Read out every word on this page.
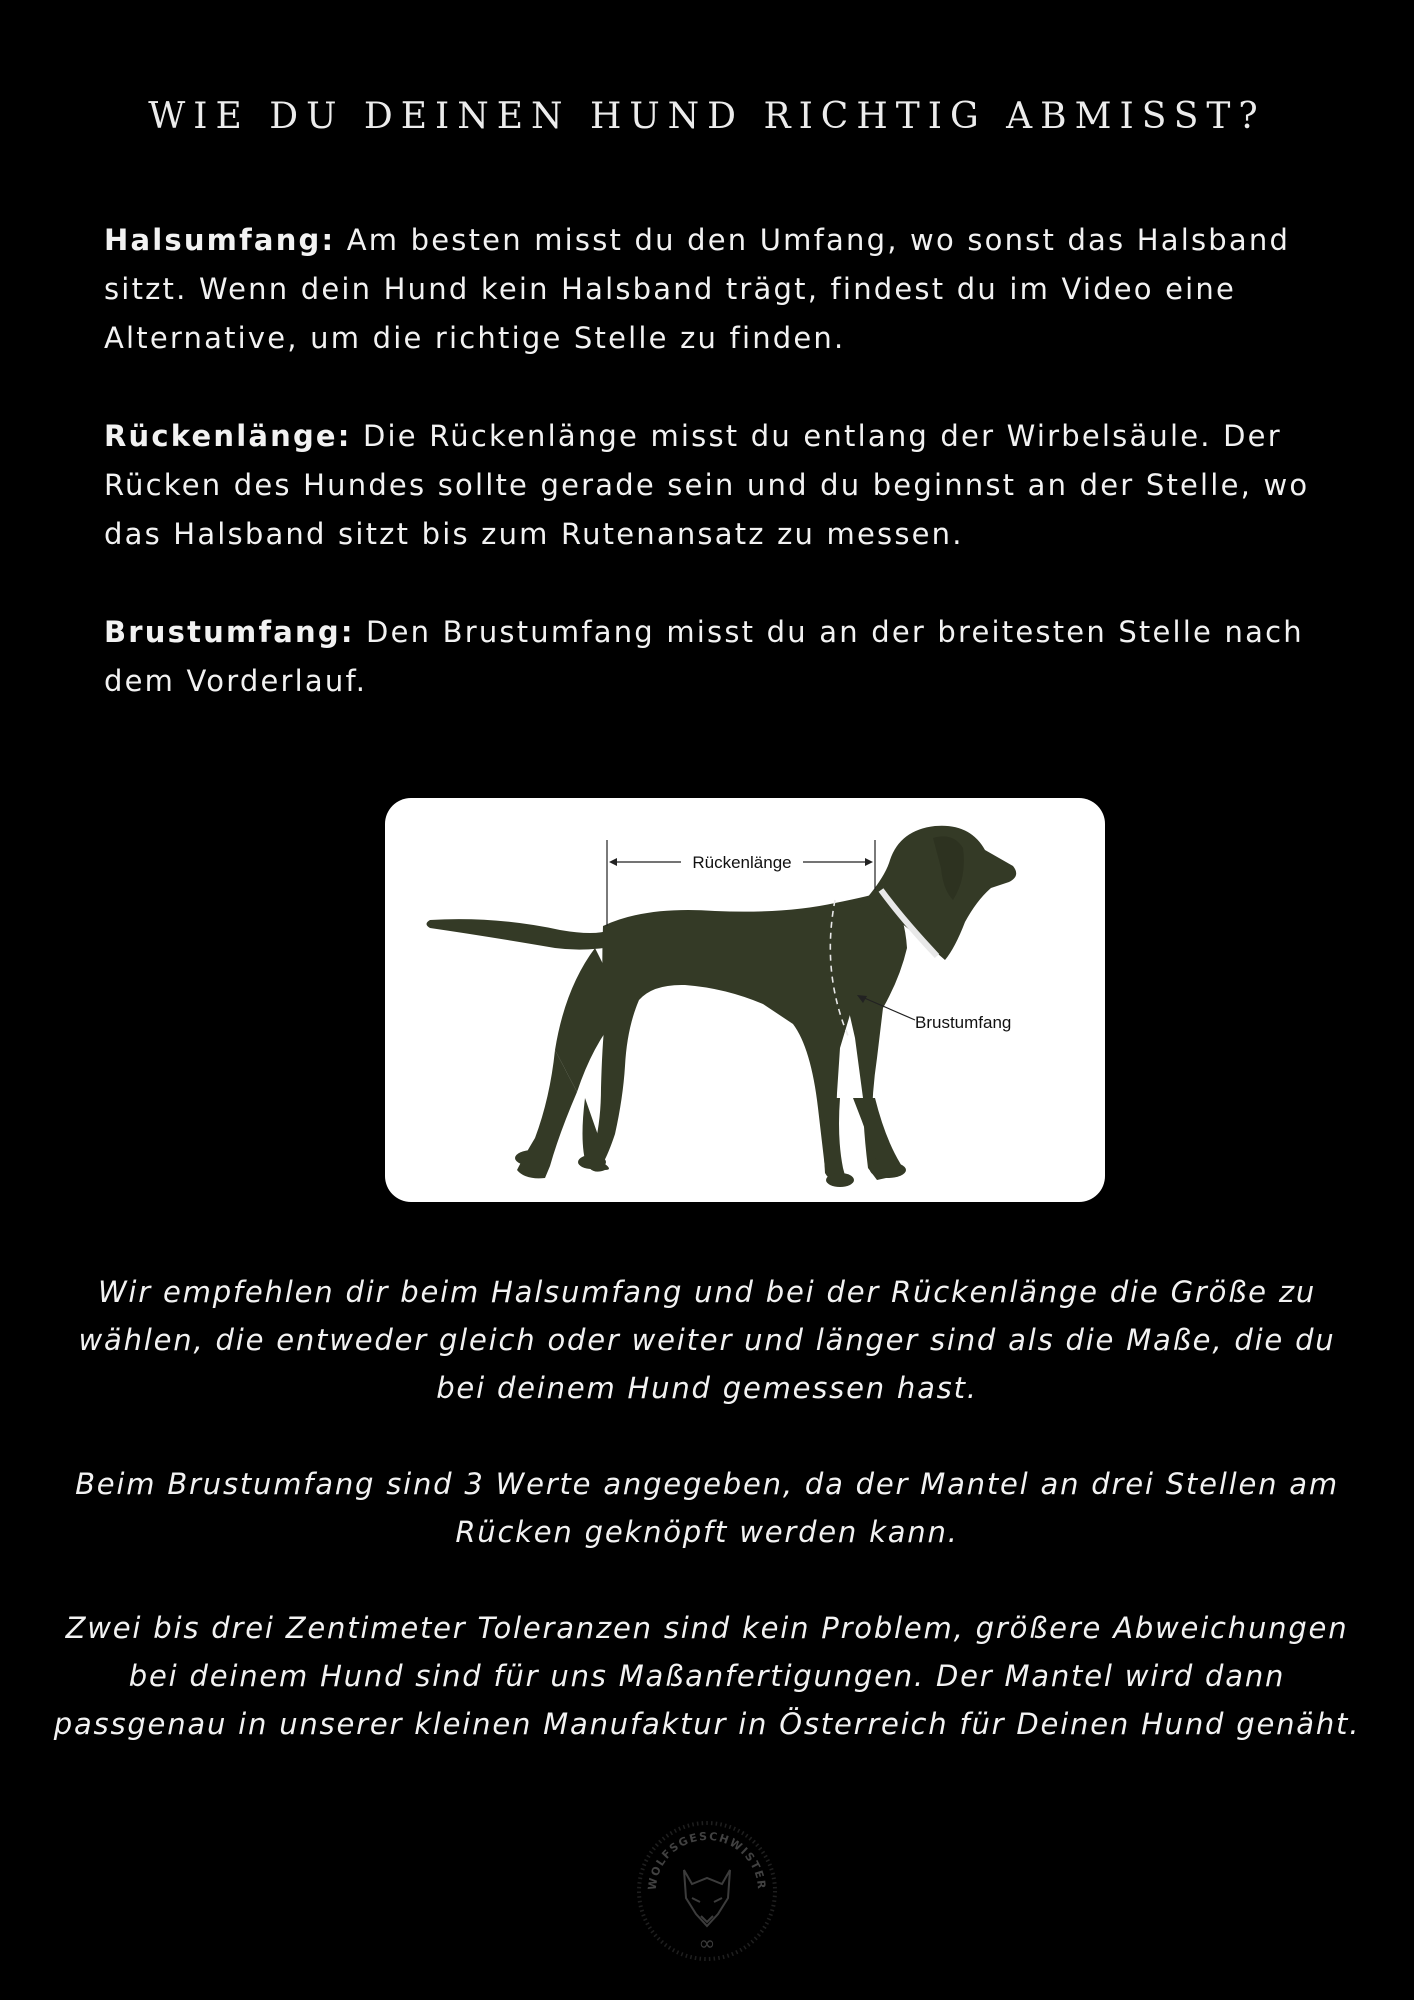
WIE DU DEINEN HUND RICHTIG ABMISST?

Halsumfang: Am besten misst du den Umfang, wo sonst das Halsband sitzt. Wenn dein Hund kein Halsband trägt, findest du im Video eine Alternative, um die richtige Stelle zu finden.

Rückenlänge: Die Rückenlänge misst du entlang der Wirbelsäule. Der Rücken des Hundes sollte gerade sein und du beginnst an der Stelle, wo das Halsband sitzt bis zum Rutenansatz zu messen.

Brustumfang: Den Brustumfang misst du an der breitesten Stelle nach dem Vorderlauf.

Rückenlänge
Brustumfang

Wir empfehlen dir beim Halsumfang und bei der Rückenlänge die Größe zu wählen, die entweder gleich oder weiter und länger sind als die Maße, die du bei deinem Hund gemessen hast.

Beim Brustumfang sind 3 Werte angegeben, da der Mantel an drei Stellen am Rücken geknöpft werden kann.

Zwei bis drei Zentimeter Toleranzen sind kein Problem, größere Abweichungen bei deinem Hund sind für uns Maßanfertigungen. Der Mantel wird dann passgenau in unserer kleinen Manufaktur in Österreich für Deinen Hund genäht.

WOLFSGESCHWISTER
∞
